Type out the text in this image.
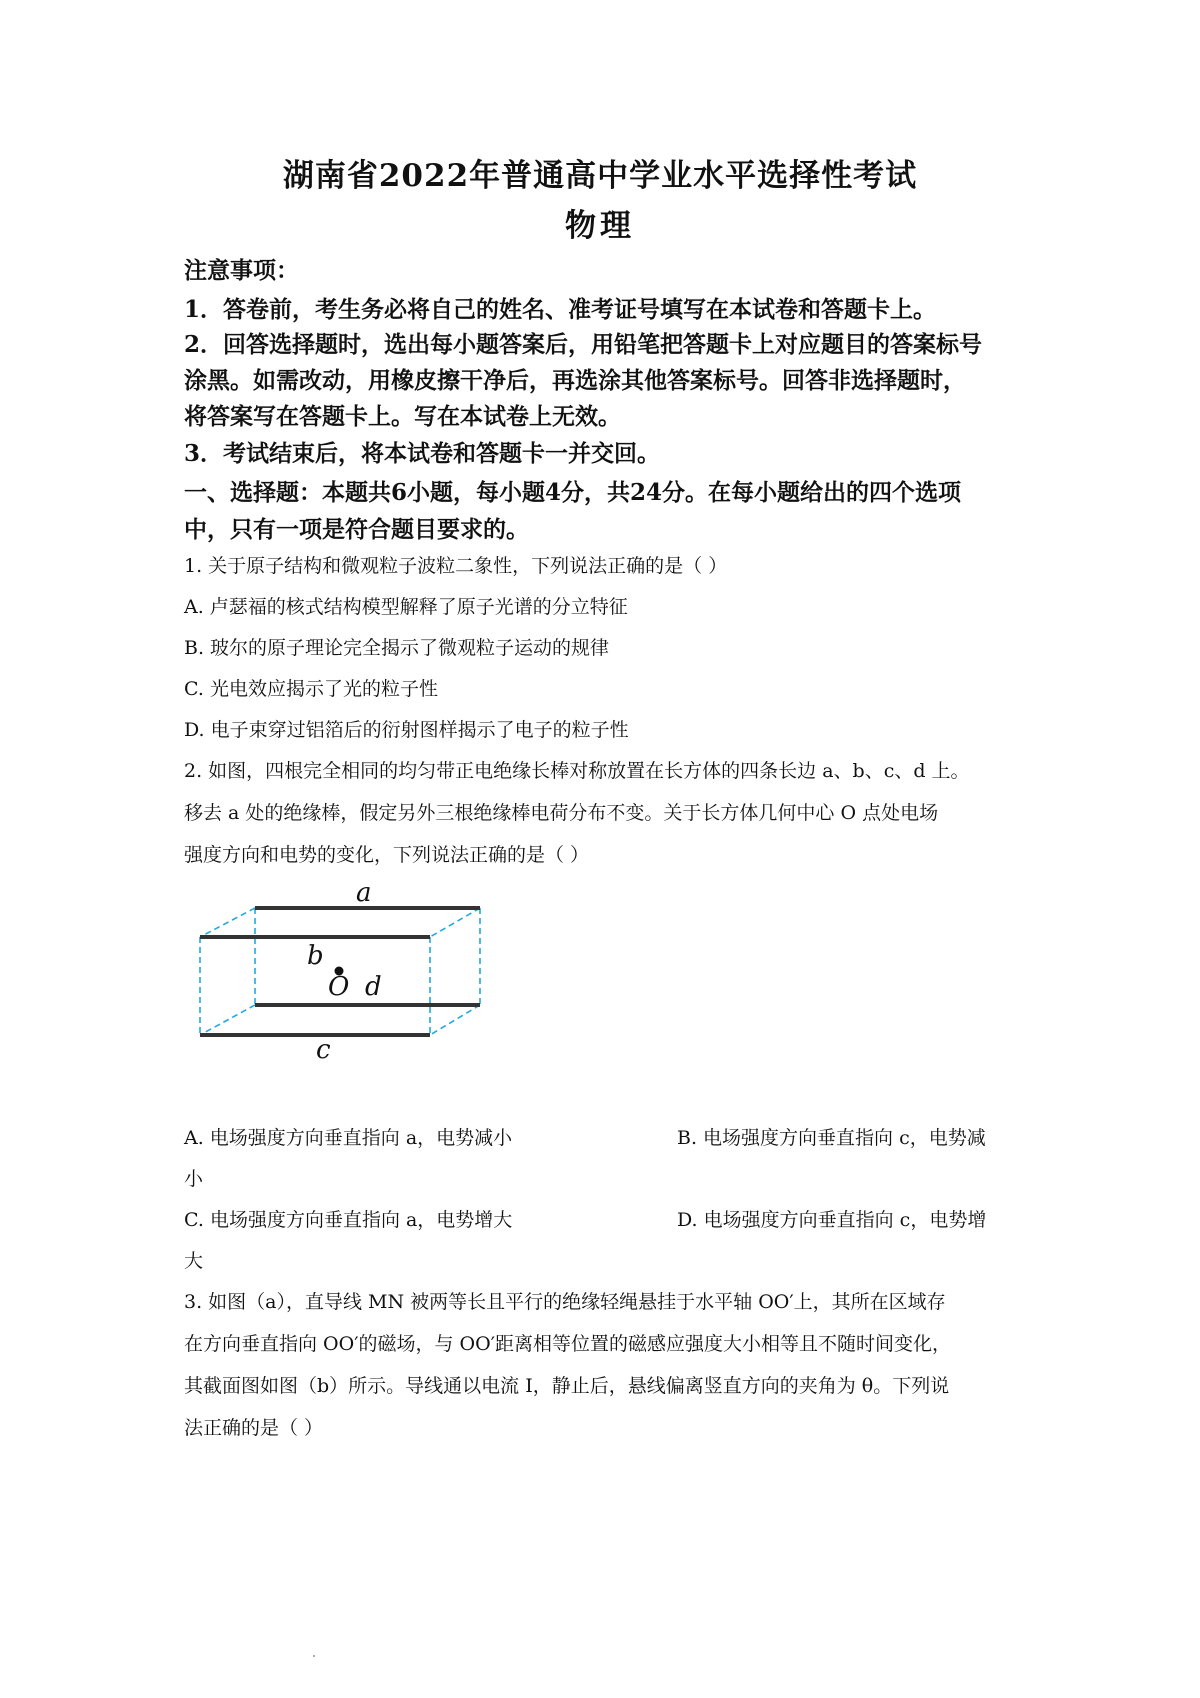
湖南省2022年普通高中学业水平选择性考试
物理
注意事项：
1．答卷前，考生务必将自己的姓名、准考证号填写在本试卷和答题卡上。
2．回答选择题时，选出每小题答案后，用铅笔把答题卡上对应题目的答案标号
涂黑。如需改动，用橡皮擦干净后，再选涂其他答案标号。回答非选择题时，
将答案写在答题卡上。写在本试卷上无效。
3．考试结束后，将本试卷和答题卡一并交回。
一、选择题：本题共6小题，每小题4分，共24分。在每小题给出的四个选项
中，只有一项是符合题目要求的。
1. 关于原子结构和微观粒子波粒二象性，下列说法正确的是（ ）
A. 卢瑟福的核式结构模型解释了原子光谱的分立特征
B. 玻尔的原子理论完全揭示了微观粒子运动的规律
C. 光电效应揭示了光的粒子性
D. 电子束穿过铝箔后的衍射图样揭示了电子的粒子性
2. 如图，四根完全相同的均匀带正电绝缘长棒对称放置在长方体的四条长边 a、b、c、d 上。
移去 a 处的绝缘棒，假定另外三根绝缘棒电荷分布不变。关于长方体几何中心 O 点处电场
强度方向和电势的变化，下列说法正确的是（ ）
a
b
O d
c
A. 电场强度方向垂直指向 a，电势减小	B. 电场强度方向垂直指向 c，电势减
小
C. 电场强度方向垂直指向 a，电势增大	D. 电场强度方向垂直指向 c，电势增
大
3. 如图（a），直导线 MN 被两等长且平行的绝缘轻绳悬挂于水平轴 OO′上，其所在区域存
在方向垂直指向 OO′的磁场，与 OO′距离相等位置的磁感应强度大小相等且不随时间变化，
其截面图如图（b）所示。导线通以电流 I，静止后，悬线偏离竖直方向的夹角为 θ。下列说
法正确的是（ ）
